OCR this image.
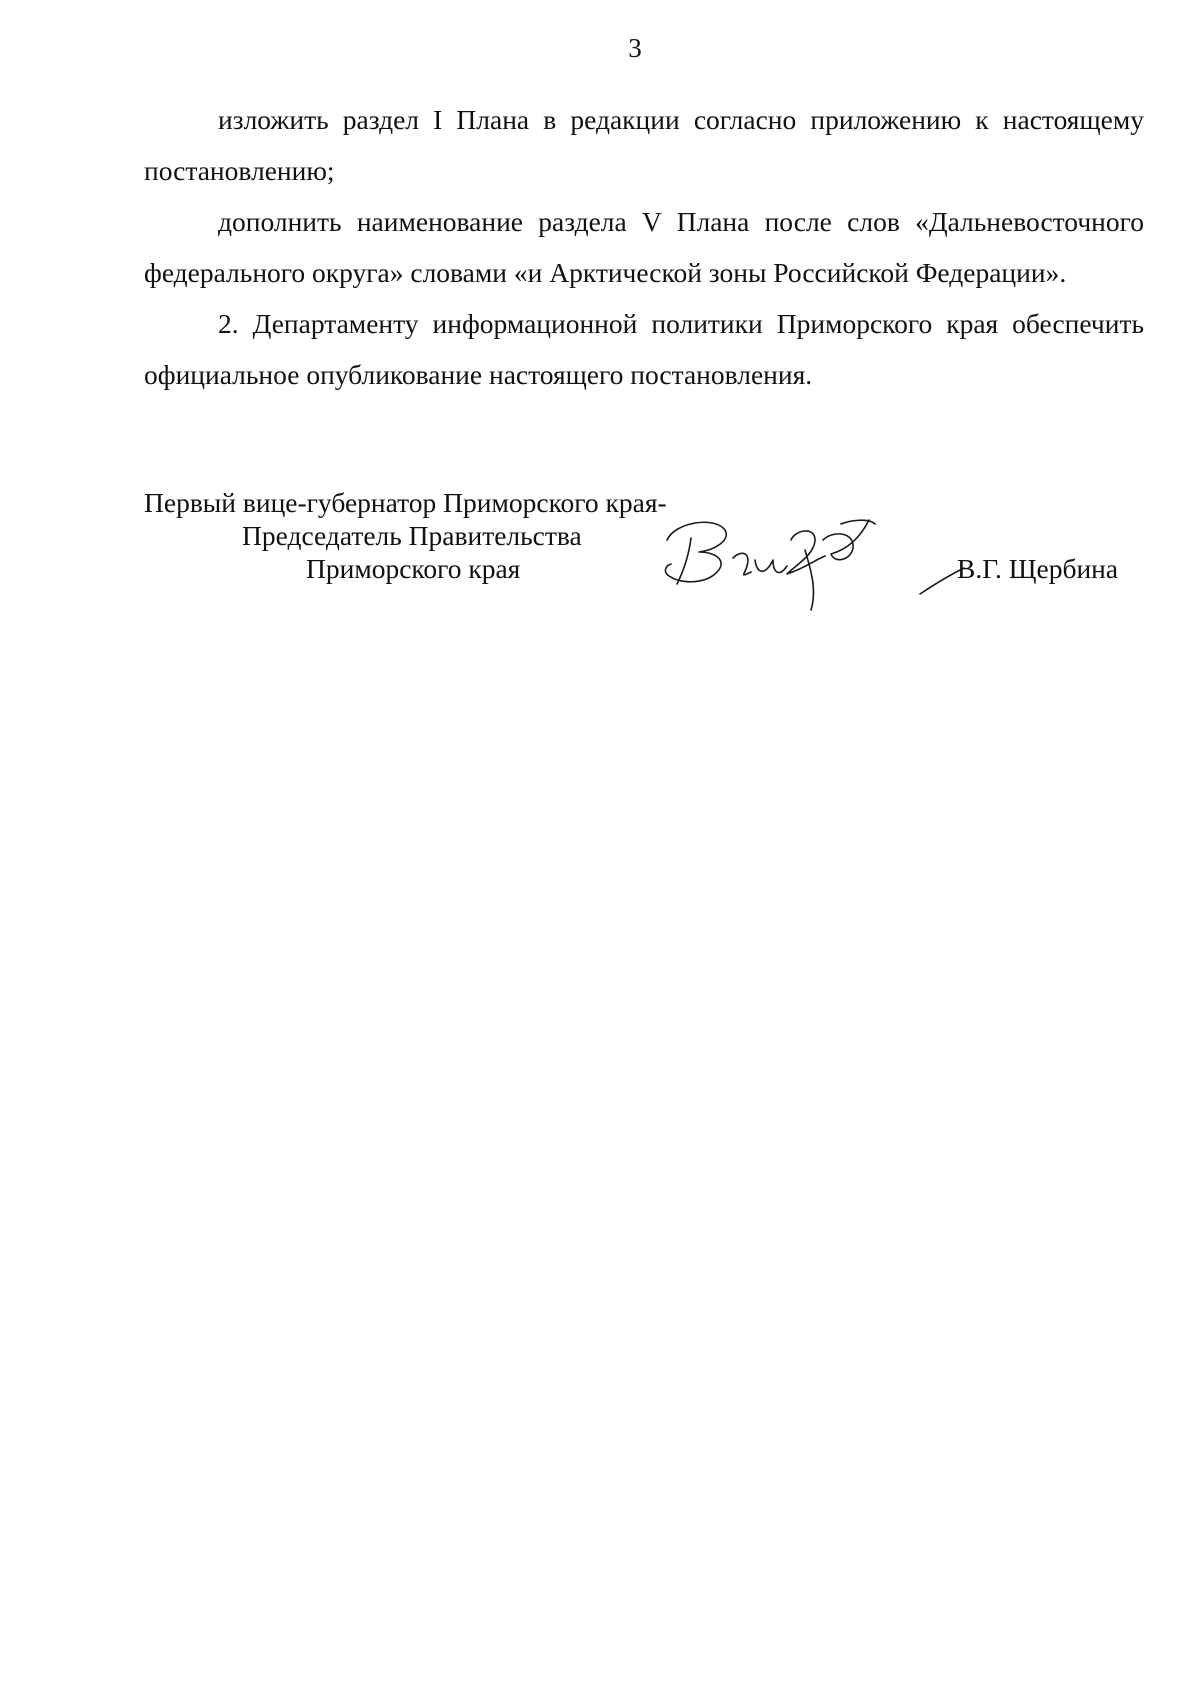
3

изложить раздел I Плана в редакции согласно приложению к настоящему постановлению;

дополнить наименование раздела V Плана после слов «Дальневосточного федерального округа» словами «и Арктической зоны Российской Федерации».

2. Департаменту информационной политики Приморского края обеспечить официальное опубликование настоящего постановления.

Первый вице-губернатор Приморского края-
Председатель Правительства
Приморского края	В.Г. Щербина
